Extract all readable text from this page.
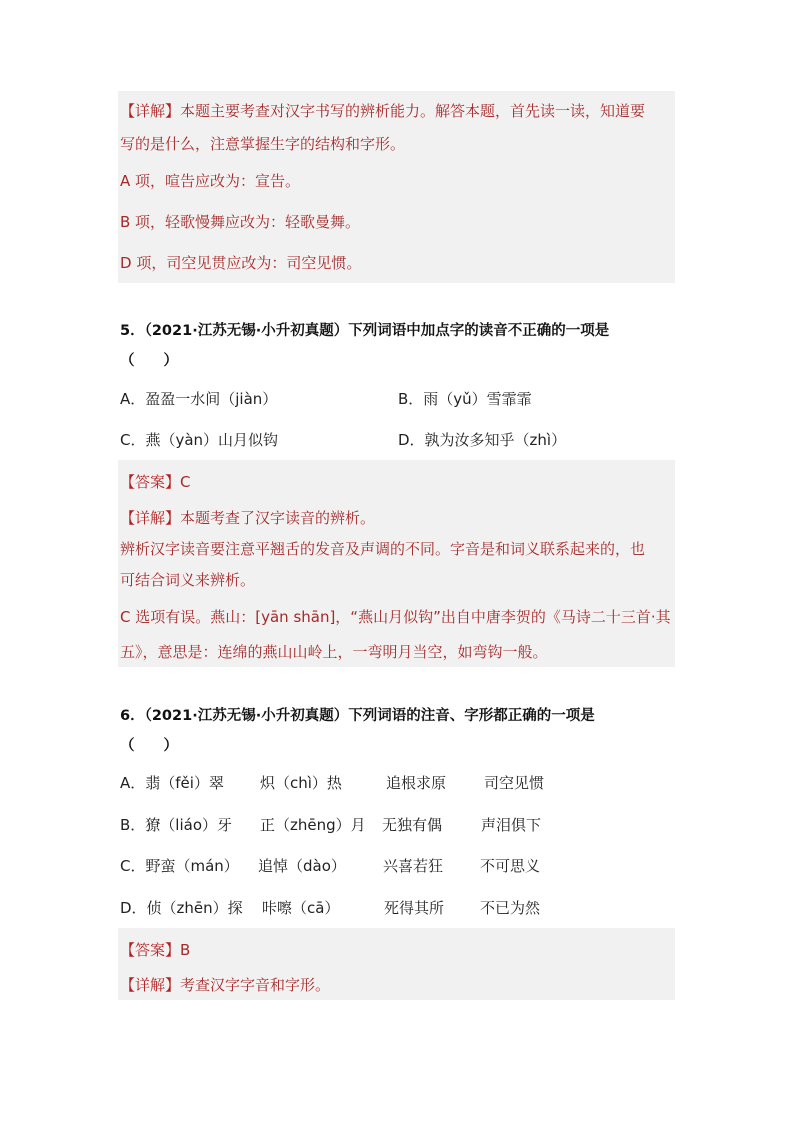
【详解】本题主要考查对汉字书写的辨析能力。解答本题，首先读一读，知道要
写的是什么，注意掌握生字的结构和字形。
A 项，喧告应改为：宣告。
B 项，轻歌慢舞应改为：轻歌曼舞。
D 项，司空见贯应改为：司空见惯。
5．（2021·江苏无锡·小升初真题）下列词语中加点字的读音不正确的一项是
（　　）
A．盈盈一水间（jiàn）	B．雨（yǔ）雪霏霏
C．燕（yàn）山月似钩	D．孰为汝多知乎（zhì）
【答案】C
【详解】本题考查了汉字读音的辨析。
辨析汉字读音要注意平翘舌的发音及声调的不同。字音是和词义联系起来的，也
可结合词义来辨析。
C 选项有误。燕山：[yān shān]，“燕山月似钩”出自中唐李贺的《马诗二十三首·其
五》，意思是：连绵的燕山山岭上，一弯明月当空，如弯钩一般。
6．（2021·江苏无锡·小升初真题）下列词语的注音、字形都正确的一项是
（　　）
A．翡（fěi）翠 炽（chì）热	追根求原	司空见惯
B．獠（liáo）牙 正（zhēng）月 无独有偶	声泪俱下
C．野蛮（mán） 追悼（dào） 兴喜若狂 不可思义
D．侦（zhēn）探 咔嚓（cā）	死得其所 不已为然
【答案】B
【详解】考查汉字字音和字形。
